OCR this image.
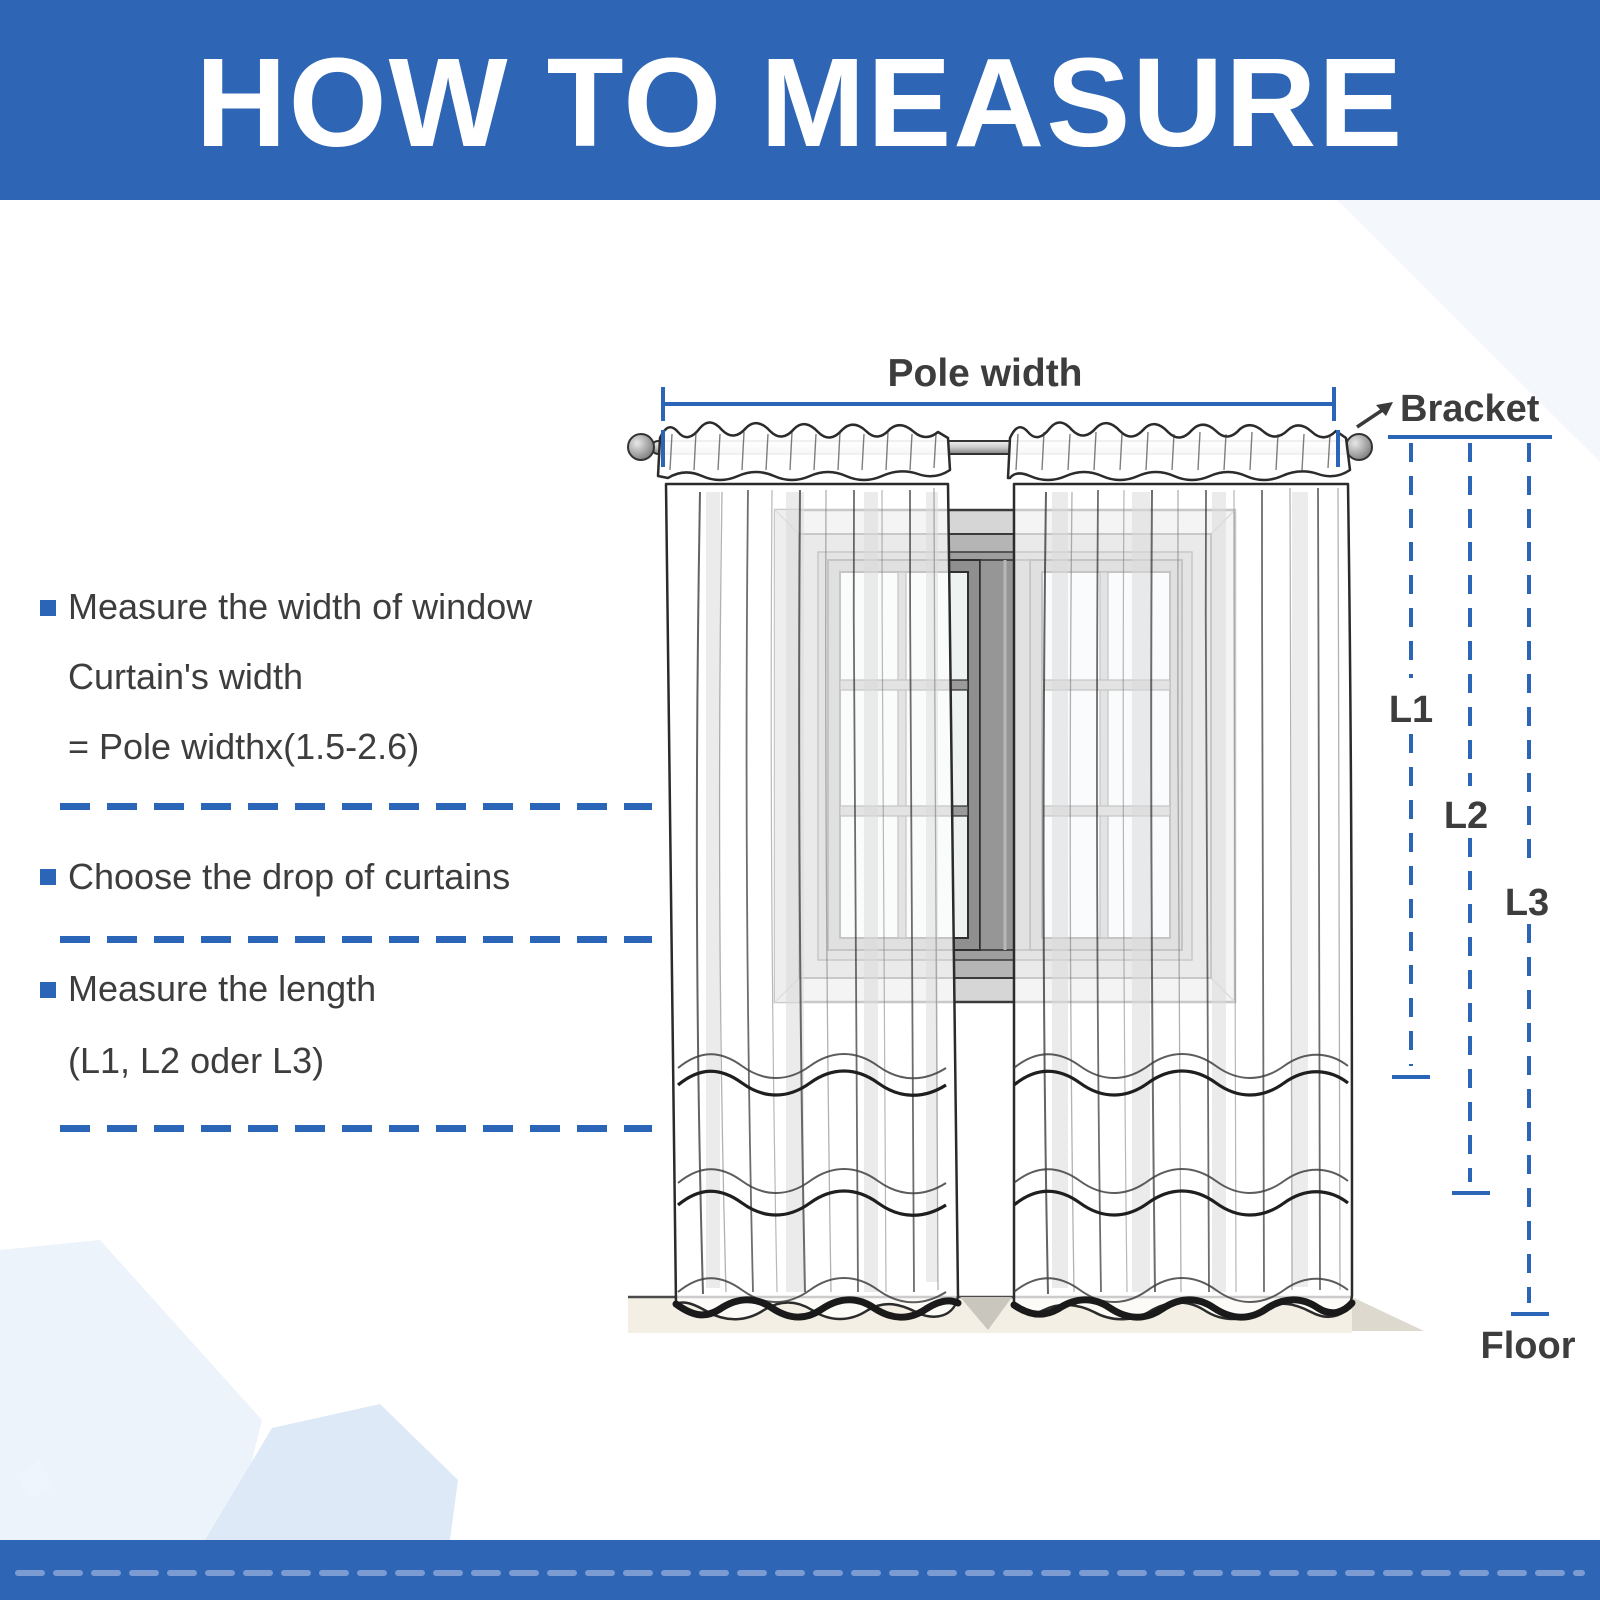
HOW TO MEASURE
Measure the width of window
Curtain's width
= Pole widthx(1.5-2.6)
Choose the drop of curtains
Measure the length
(L1, L2 oder L3)
Pole width
Bracket
L1
L2
L3
Floor
